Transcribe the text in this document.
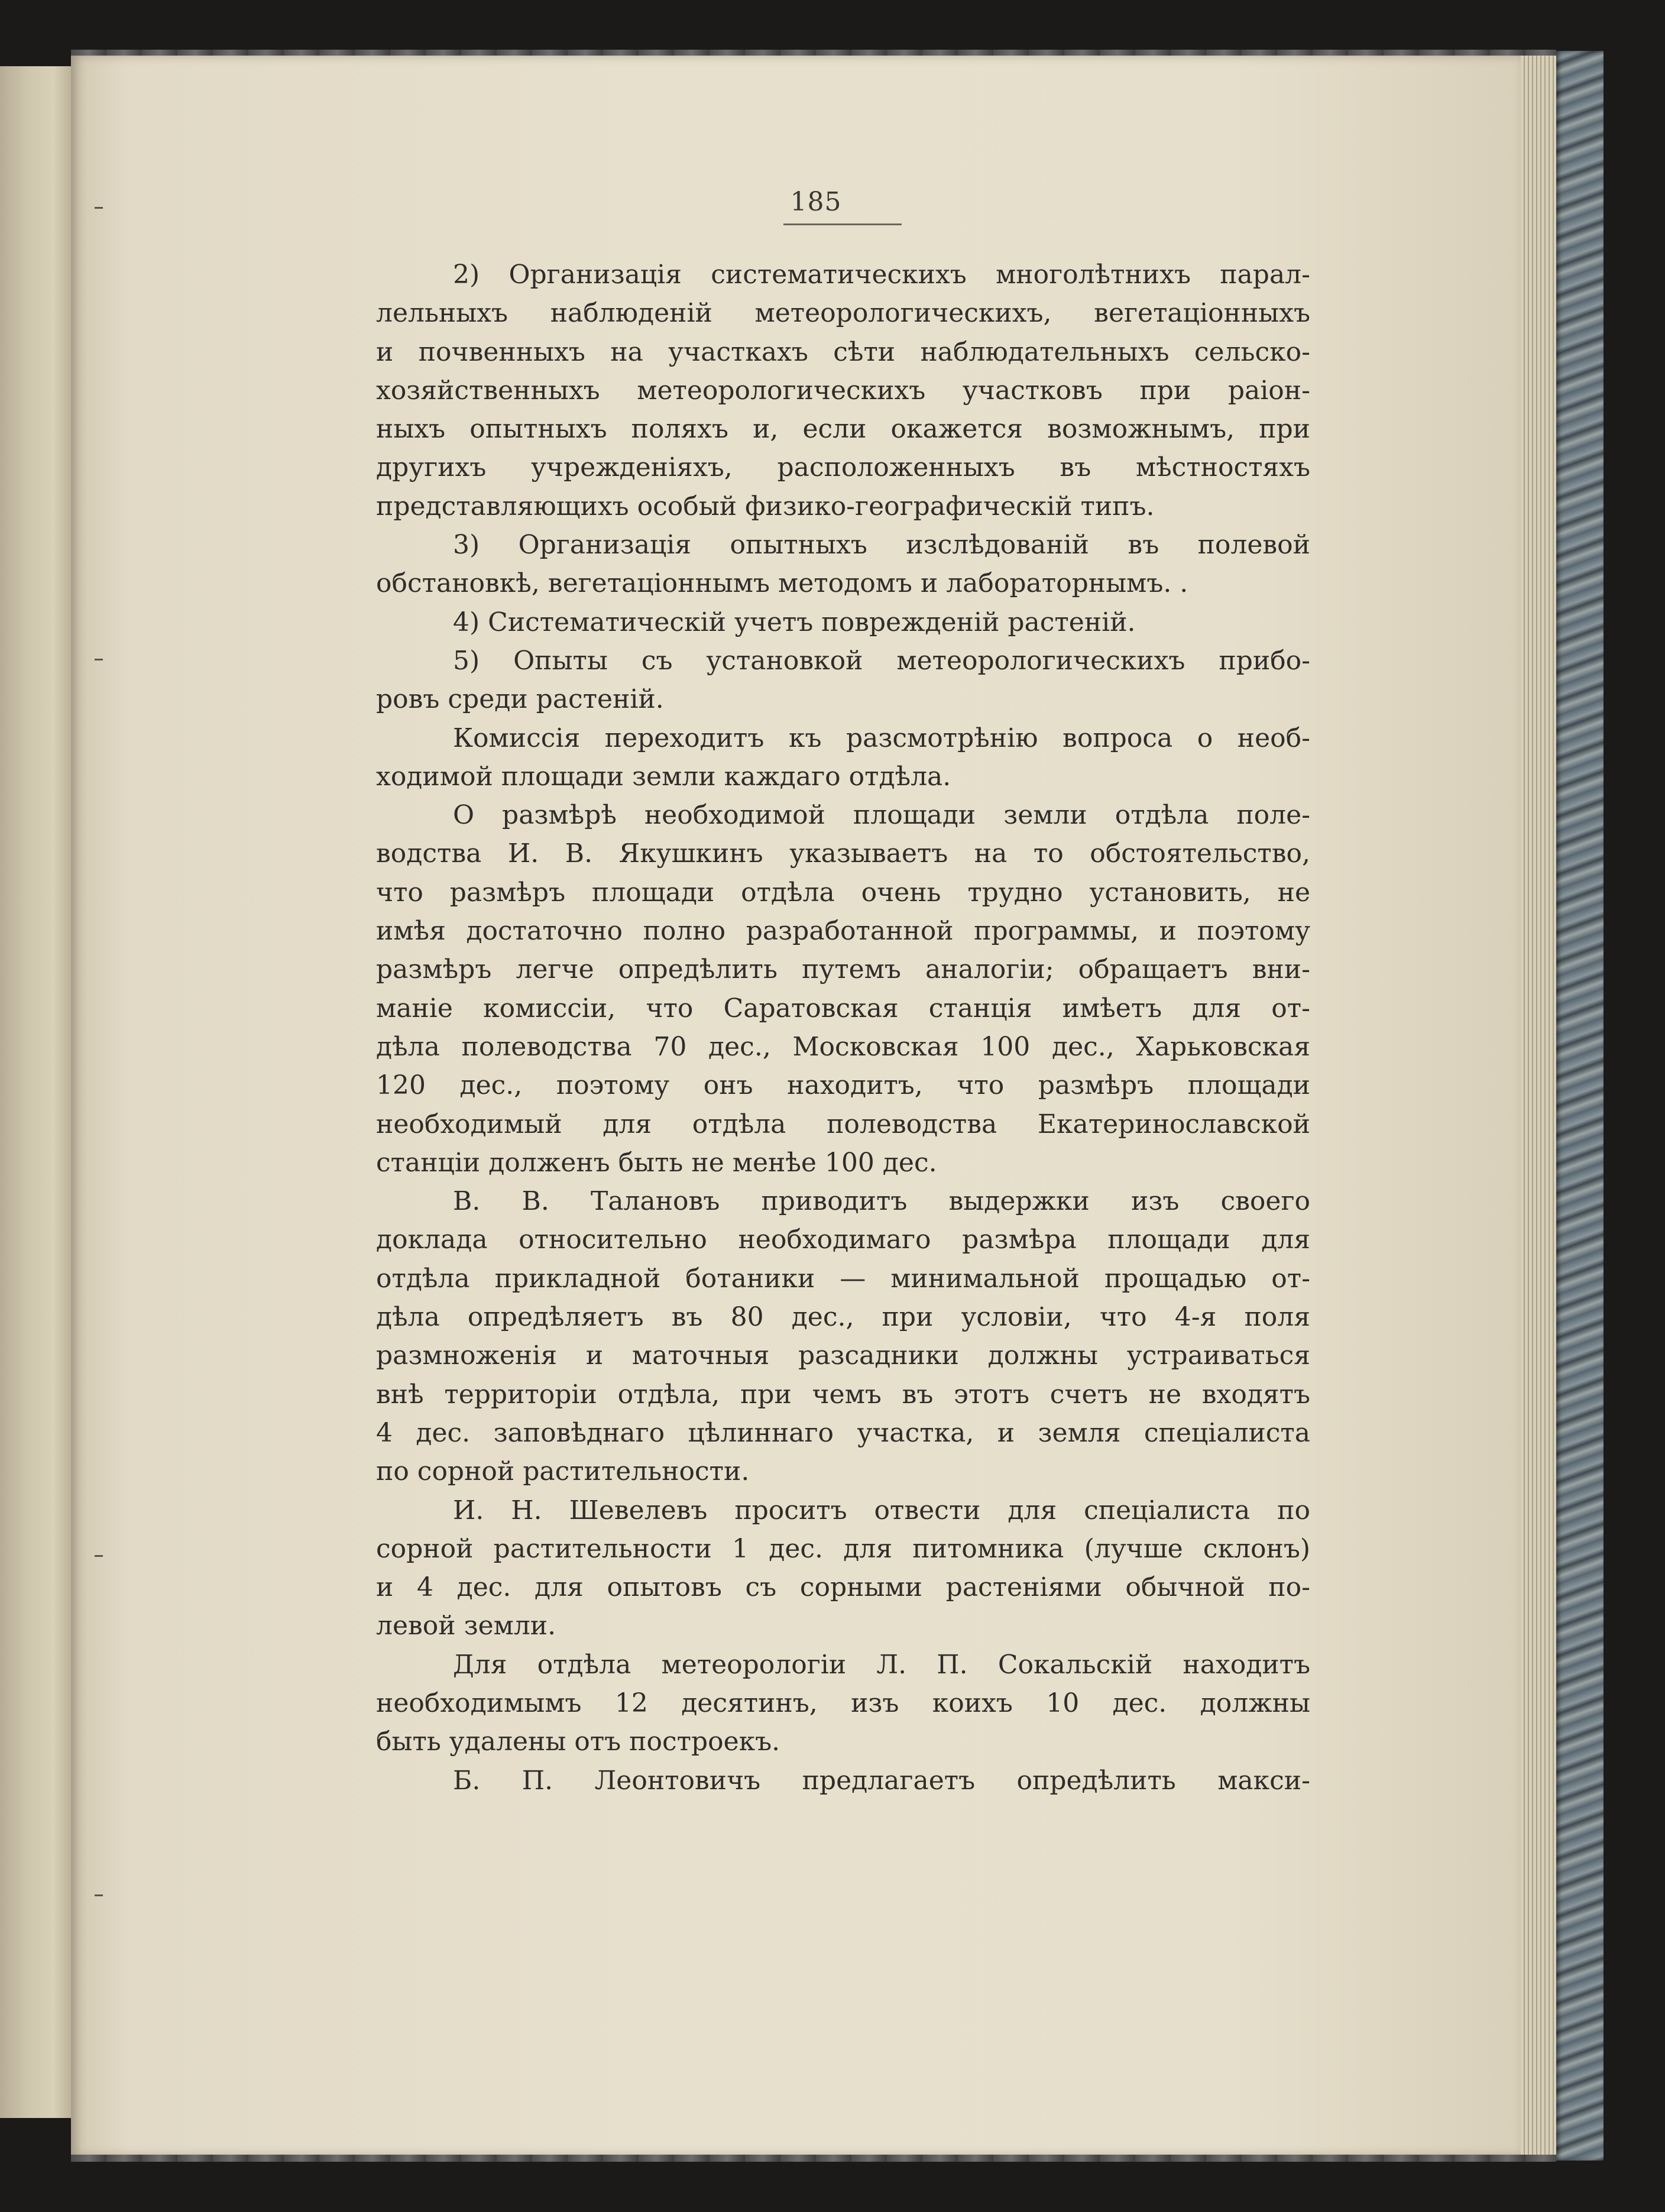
185
2) Организація систематическихъ многолѣтнихъ парал-
лельныхъ наблюденій метеорологическихъ, вегетаціонныхъ
и почвенныхъ на участкахъ сѣти наблюдательныхъ сельско-
хозяйственныхъ метеорологическихъ участковъ при раіон-
ныхъ опытныхъ поляхъ и, если окажется возможнымъ, при
другихъ учрежденіяхъ, расположенныхъ въ мѣстностяхъ
представляющихъ особый физико-географическій типъ.
3) Организація опытныхъ изслѣдованій въ полевой
обстановкѣ, вегетаціоннымъ методомъ и лабораторнымъ. .
4) Систематическій учетъ поврежденій растеній.
5) Опыты съ установкой метеорологическихъ прибо-
ровъ среди растеній.
Комиссія переходитъ къ разсмотрѣнію вопроса о необ-
ходимой площади земли каждаго отдѣла.
О размѣрѣ необходимой площади земли отдѣла поле-
водства И. В. Якушкинъ указываетъ на то обстоятельство,
что размѣръ площади отдѣла очень трудно установить, не
имѣя достаточно полно разработанной программы, и поэтому
размѣръ легче опредѣлить путемъ аналогіи; обращаетъ вни-
маніе комиссіи, что Саратовская станція имѣетъ для от-
дѣла полеводства 70 дес., Московская 100 дес., Харьковская
120 дес., поэтому онъ находитъ, что размѣръ площади
необходимый для отдѣла полеводства Екатеринославской
станціи долженъ быть не менѣе 100 дес.
В. В. Талановъ приводитъ выдержки изъ своего
доклада относительно необходимаго размѣра площади для
отдѣла прикладной ботаники — минимальной прощадью от-
дѣла опредѣляетъ въ 80 дес., при условіи, что 4-я поля
размноженія и маточныя разсадники должны устраиваться
внѣ территоріи отдѣла, при чемъ въ этотъ счетъ не входятъ
4 дес. заповѣднаго цѣлиннаго участка, и земля спеціалиста
по сорной растительности.
И. Н. Шевелевъ проситъ отвести для спеціалиста по
сорной растительности 1 дес. для питомника (лучше склонъ)
и 4 дес. для опытовъ съ сорными растеніями обычной по-
левой земли.
Для отдѣла метеорологіи Л. П. Сокальскій находитъ
необходимымъ 12 десятинъ, изъ коихъ 10 дес. должны
быть удалены отъ построекъ.
Б. П. Леонтовичъ предлагаетъ опредѣлить макси-
